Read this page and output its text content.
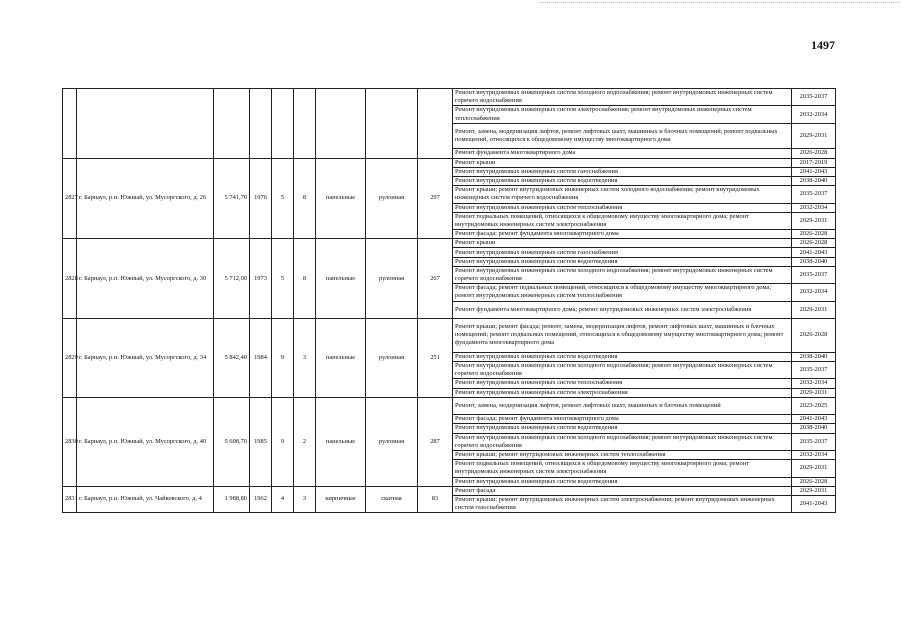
1497
									Ремонт внутридомовых инженерных систем холодного водоснабжения; ремонт внутридомовых инженерных систем горячего водоснабжения	2035-2037
									Ремонт внутридомовых инженерных систем электроснабжения; ремонт внутридомовых инженерных систем теплоснабжения	2032-2034
									Ремонт, замена, модернизация лифтов, ремонт лифтовых шахт, машинных и блочных помещений; ремонт подвальных помещений, относящихся к общедомовому имуществу многоквартирного дома	2029-2031
									Ремонт фундамента многоквартирного дома	2026-2028
2827	г. Барнаул, р.п. Южный, ул. Мусоргского, д. 26	5 741,70	1976	5	8	панельные	рулонная	297	Ремонт крыши	2017-2019
									Ремонт внутридомовых инженерных систем газоснабжения	2041-2043
									Ремонт внутридомовых инженерных систем водоотведения	2038-2040
									Ремонт крыши; ремонт внутридомовых инженерных систем холодного водоснабжения; ремонт внутридомовых инженерных систем горячего водоснабжения	2035-2037
									Ремонт внутридомовых инженерных систем теплоснабжения	2032-2034
									Ремонт подвальных помещений, относящихся к общедомовому имуществу многоквартирного дома; ремонт внутридомовых инженерных систем электроснабжения	2029-2031
									Ремонт фасада; ремонт фундамента многоквартирного дома	2026-2028
2828	г. Барнаул, р.п. Южный, ул. Мусоргского, д. 30	5 712,00	1973	5	8	панельные	рулонная	267	Ремонт крыши	2026-2028
									Ремонт внутридомовых инженерных систем газоснабжения	2041-2043
									Ремонт внутридомовых инженерных систем водоотведения	2038-2040
									Ремонт внутридомовых инженерных систем холодного водоснабжения; ремонт внутридомовых инженерных систем горячего водоснабжения	2035-2037
									Ремонт фасада; ремонт подвальных помещений, относящихся к общедомовому имуществу многоквартирного дома; ремонт внутридомовых инженерных систем теплоснабжения	2032-2034
									Ремонт фундамента многоквартирного дома; ремонт внутридомовых инженерных систем электроснабжения	2029-2031
2829	г. Барнаул, р.п. Южный, ул. Мусоргского, д. 34	5 842,40	1984	9	3	панельные	рулонная	251	Ремонт крыши; ремонт фасада; ремонт, замена, модернизация лифтов, ремонт лифтовых шахт, машинных и блочных помещений; ремонт подвальных помещений, относящихся к общедомовому имуществу многоквартирного дома; ремонт фундамента многоквартирного дома	2026-2028
									Ремонт внутридомовых инженерных систем водоотведения	2038-2040
									Ремонт внутридомовых инженерных систем холодного водоснабжения; ремонт внутридомовых инженерных систем горячего водоснабжения	2035-2037
									Ремонт внутридомовых инженерных систем теплоснабжения	2032-2034
									Ремонт внутридомовых инженерных систем электроснабжения	2029-2031
2830	г. Барнаул, р.п. Южный, ул. Мусоргского, д. 40	5 608,70	1985	9	2	панельные	рулонная	287	Ремонт, замена, модернизация лифтов, ремонт лифтовых шахт, машинных и блочных помещений	2023-2025
									Ремонт фасада; ремонт фундамента многоквартирного дома	2041-2043
									Ремонт внутридомовых инженерных систем водоотведения	2038-2040
									Ремонт внутридомовых инженерных систем холодного водоснабжения; ремонт внутридомовых инженерных систем горячего водоснабжения	2035-2037
									Ремонт крыши; ремонт внутридомовых инженерных систем теплоснабжения	2032-2034
									Ремонт подвальных помещений, относящихся к общедомовому имуществу многоквартирного дома; ремонт внутридомовых инженерных систем электроснабжения	2029-2031
									Ремонт внутридомовых инженерных систем водоотведения	2026-2028
2831	г. Барнаул, р.п. Южный, ул. Чайковского, д. 4	1 988,80	1962	4	3	кирпичные	скатная	83	Ремонт фасада	2029-2031
									Ремонт крыши; ремонт внутридомовых инженерных систем электроснабжения; ремонт внутридомовых инженерных систем газоснабжения	2041-2043
